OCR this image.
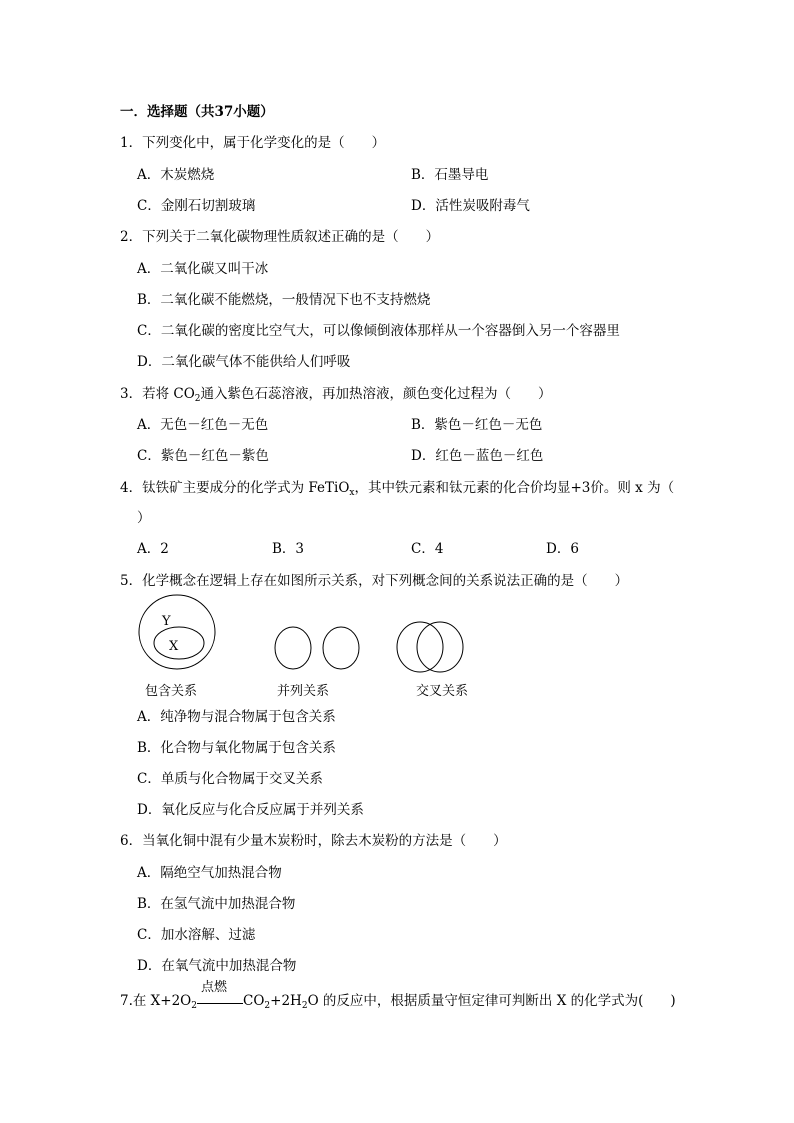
一．选择题（共37小题）
1．下列变化中，属于化学变化的是（　　）
A．木炭燃烧	B．石墨导电
C．金刚石切割玻璃	D．活性炭吸附毒气
2．下列关于二氧化碳物理性质叙述正确的是（　　）
A．二氧化碳又叫干冰
B．二氧化碳不能燃烧，一般情况下也不支持燃烧
C．二氧化碳的密度比空气大，可以像倾倒液体那样从一个容器倒入另一个容器里
D．二氧化碳气体不能供给人们呼吸
3．若将 $CO_2$通入紫色石蕊溶液，再加热溶液，颜色变化过程为（　　）
A．无色－红色－无色	B．紫色－红色－无色
C．紫色－红色－紫色	D．红色－蓝色－红色
4．钛铁矿主要成分的化学式为 FeTiO$_x$，其中铁元素和钛元素的化合价均显+3价。则 x 为（
）
A．2	B．3	C．4	D．6
5．化学概念在逻辑上存在如图所示关系，对下列概念间的关系说法正确的是（　　）
Y
X
包含关系	并列关系	交叉关系
A．纯净物与混合物属于包含关系
B．化合物与氧化物属于包含关系
C．单质与化合物属于交叉关系
D．氧化反应与化合反应属于并列关系
6．当氧化铜中混有少量木炭粉时，除去木炭粉的方法是（　　）
A．隔绝空气加热混合物
B．在氢气流中加热混合物
C．加水溶解、过滤
D．在氧气流中加热混合物
7.在 $X+2O_2$
点燃
$CO_2+2H_2O$ 的反应中，根据质量守恒定律可判断出 X 的化学式为(　　)
